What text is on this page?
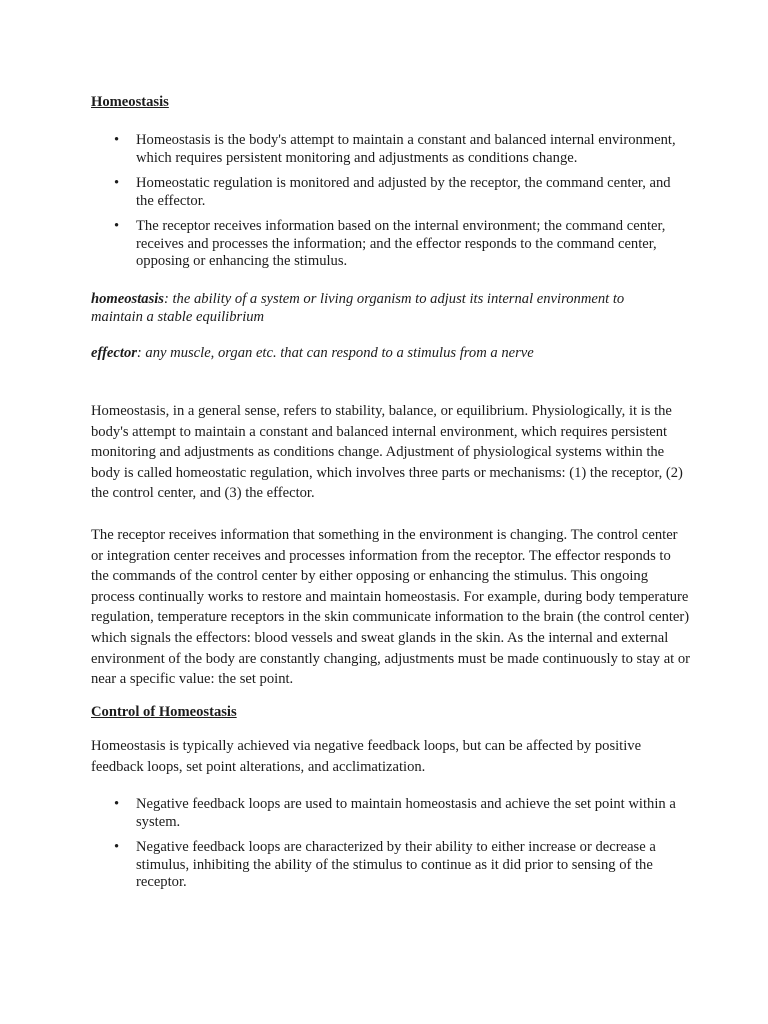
Homeostasis
• Homeostasis is the body's attempt to maintain a constant and balanced internal environment, which requires persistent monitoring and adjustments as conditions change.
• Homeostatic regulation is monitored and adjusted by the receptor, the command center, and the effector.
• The receptor receives information based on the internal environment; the command center, receives and processes the information; and the effector responds to the command center, opposing or enhancing the stimulus.
homeostasis: the ability of a system or living organism to adjust its internal environment to maintain a stable equilibrium
effector: any muscle, organ etc. that can respond to a stimulus from a nerve

Homeostasis, in a general sense, refers to stability, balance, or equilibrium. Physiologically, it is the body's attempt to maintain a constant and balanced internal environment, which requires persistent monitoring and adjustments as conditions change. Adjustment of physiological systems within the body is called homeostatic regulation, which involves three parts or mechanisms: (1) the receptor, (2) the control center, and (3) the effector.

The receptor receives information that something in the environment is changing. The control center or integration center receives and processes information from the receptor. The effector responds to the commands of the control center by either opposing or enhancing the stimulus. This ongoing process continually works to restore and maintain homeostasis. For example, during body temperature regulation, temperature receptors in the skin communicate information to the brain (the control center) which signals the effectors: blood vessels and sweat glands in the skin. As the internal and external environment of the body are constantly changing, adjustments must be made continuously to stay at or near a specific value: the set point.

Control of Homeostasis

Homeostasis is typically achieved via negative feedback loops, but can be affected by positive feedback loops, set point alterations, and acclimatization.

• Negative feedback loops are used to maintain homeostasis and achieve the set point within a system.
• Negative feedback loops are characterized by their ability to either increase or decrease a stimulus, inhibiting the ability of the stimulus to continue as it did prior to sensing of the receptor.
